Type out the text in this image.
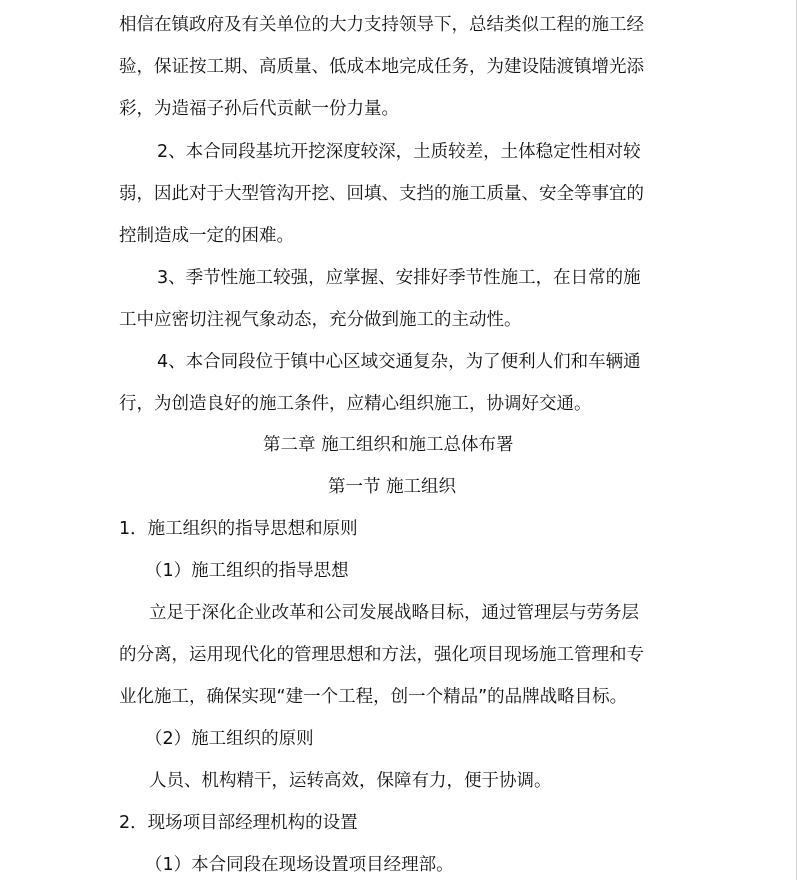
相信在镇政府及有关单位的大力支持领导下，总结类似工程的施工经
验，保证按工期、高质量、低成本地完成任务，为建设陆渡镇增光添
彩，为造福子孙后代贡献一份力量。
2、本合同段基坑开挖深度较深，土质较差，土体稳定性相对较
弱，因此对于大型管沟开挖、回填、支挡的施工质量、安全等事宜的
控制造成一定的困难。
3、季节性施工较强，应掌握、安排好季节性施工，在日常的施
工中应密切注视气象动态，充分做到施工的主动性。
4、本合同段位于镇中心区域交通复杂，为了便利人们和车辆通
行，为创造良好的施工条件，应精心组织施工，协调好交通。
第二章 施工组织和施工总体布署
第一节 施工组织
1．施工组织的指导思想和原则
（1）施工组织的指导思想
立足于深化企业改革和公司发展战略目标，通过管理层与劳务层
的分离，运用现代化的管理思想和方法，强化项目现场施工管理和专
业化施工，确保实现“建一个工程，创一个精品”的品牌战略目标。
（2）施工组织的原则
人员、机构精干，运转高效，保障有力，便于协调。
2．现场项目部经理机构的设置
（1）本合同段在现场设置项目经理部。
